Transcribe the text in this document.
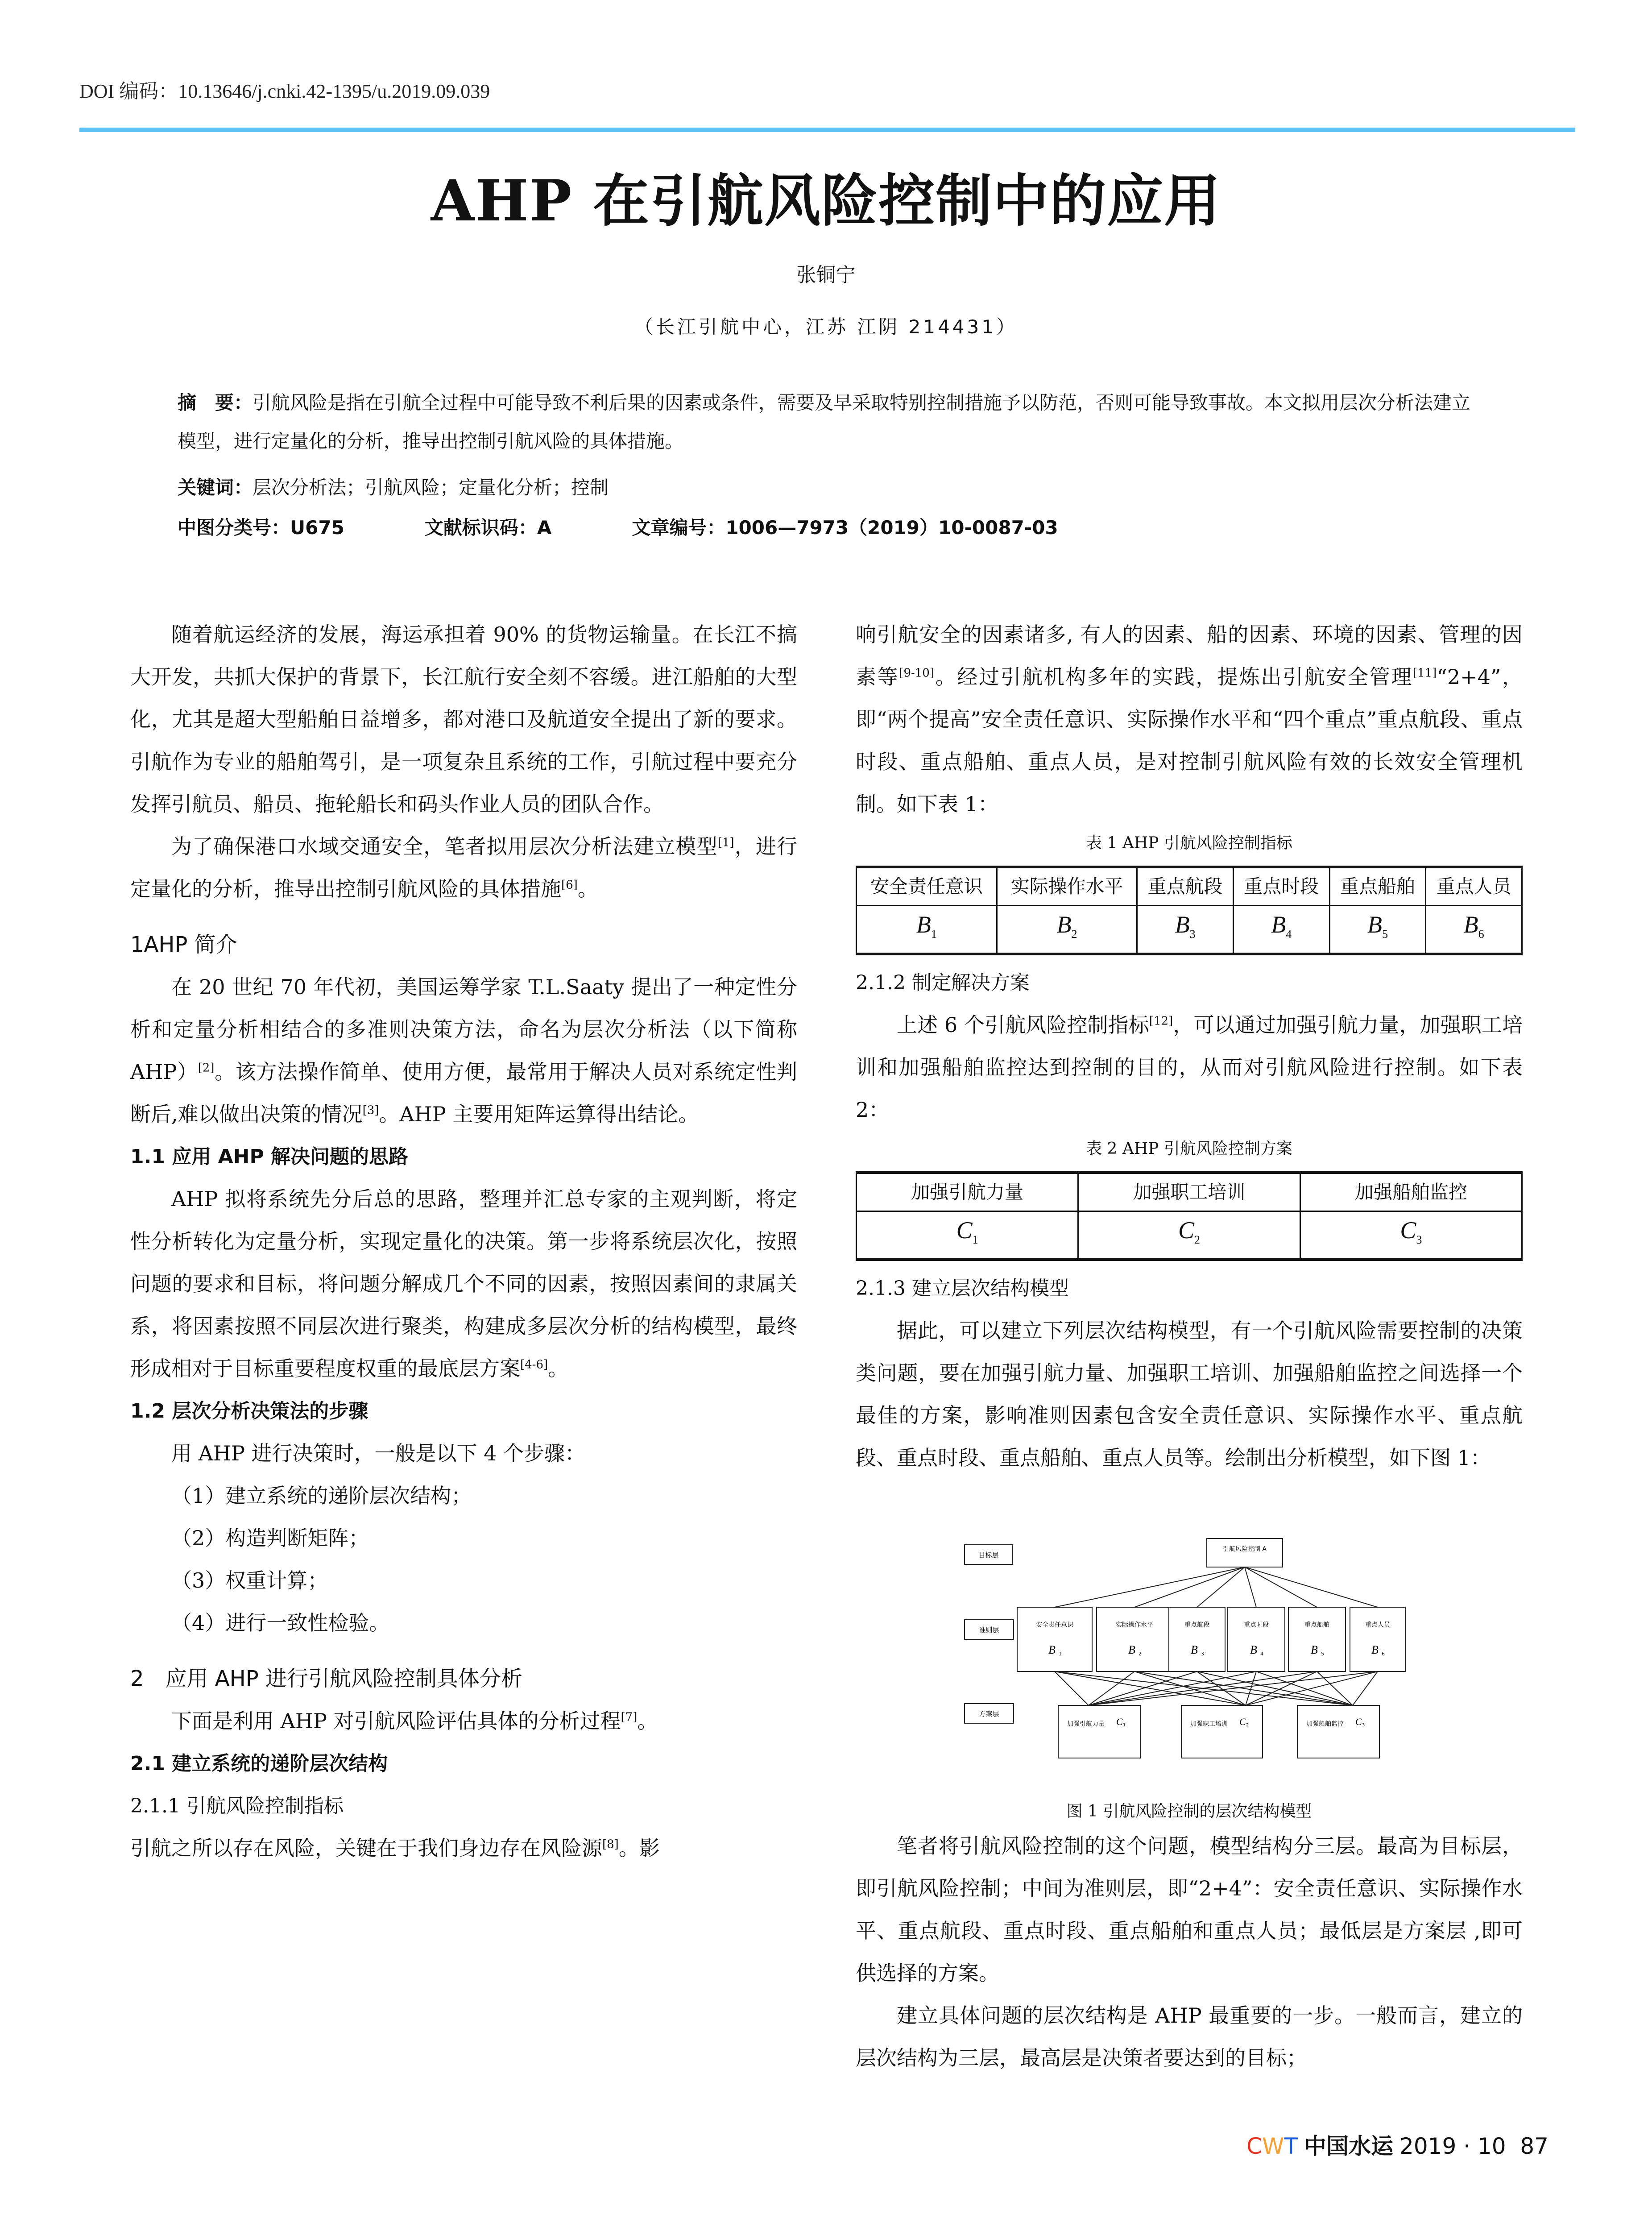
DOI 编码：10.13646/j.cnki.42-1395/u.2019.09.039
AHP 在引航风险控制中的应用
张铜宁
（长江引航中心，江苏 江阴 214431）
摘　要：引航风险是指在引航全过程中可能导致不利后果的因素或条件，需要及早采取特别控制措施予以防范，否则可能导致事故。本文拟用层次分析法建立模型，进行定量化的分析，推导出控制引航风险的具体措施。
关键词：层次分析法；引航风险；定量化分析；控制
中图分类号：U675	文献标识码：A	文章编号：1006—7973（2019）10-0087-03

随着航运经济的发展，海运承担着 90% 的货物运输量。在长江不搞大开发，共抓大保护的背景下，长江航行安全刻不容缓。进江船舶的大型化，尤其是超大型船舶日益增多，都对港口及航道安全提出了新的要求。引航作为专业的船舶驾引，是一项复杂且系统的工作，引航过程中要充分发挥引航员、船员、拖轮船长和码头作业人员的团队合作。

为了确保港口水域交通安全，笔者拟用层次分析法建立模型[1]，进行定量化的分析，推导出控制引航风险的具体措施[6]。

1AHP 简介

在 20 世纪 70 年代初，美国运筹学家 T.L.Saaty 提出了一种定性分析和定量分析相结合的多准则决策方法，命名为层次分析法（以下简称 AHP）[2]。该方法操作简单、使用方便，最常用于解决人员对系统定性判断后,难以做出决策的情况[3]。AHP 主要用矩阵运算得出结论。

1.1 应用 AHP 解决问题的思路

AHP 拟将系统先分后总的思路，整理并汇总专家的主观判断，将定性分析转化为定量分析，实现定量化的决策。第一步将系统层次化，按照问题的要求和目标，将问题分解成几个不同的因素，按照因素间的隶属关系，将因素按照不同层次进行聚类，构建成多层次分析的结构模型，最终形成相对于目标重要程度权重的最底层方案[4-6]。

1.2 层次分析决策法的步骤

用 AHP 进行决策时，一般是以下 4 个步骤：

（1）建立系统的递阶层次结构；

（2）构造判断矩阵；

（3）权重计算；

（4）进行一致性检验。

2　应用 AHP 进行引航风险控制具体分析

下面是利用 AHP 对引航风险评估具体的分析过程[7]。

2.1 建立系统的递阶层次结构

2.1.1 引航风险控制指标

引航之所以存在风险，关键在于我们身边存在风险源[8]。影

响引航安全的因素诸多, 有人的因素、船的因素、环境的因素、管理的因素等[9-10]。经过引航机构多年的实践，提炼出引航安全管理[11]“2+4”，即“两个提高”安全责任意识、实际操作水平和“四个重点”重点航段、重点时段、重点船舶、重点人员，是对控制引航风险有效的长效安全管理机制。如下表 1：

表 1 AHP 引航风险控制指标
安全责任意识	实际操作水平	重点航段	重点时段	重点船舶	重点人员
$B_1$	$B_2$	$B_3$	$B_4$	$B_5$	$B_6$

2.1.2 制定解决方案

上述 6 个引航风险控制指标[12]，可以通过加强引航力量，加强职工培训和加强船舶监控达到控制的目的，从而对引航风险进行控制。如下表 2：

表 2 AHP 引航风险控制方案
加强引航力量	加强职工培训	加强船舶监控
$C_1$	$C_2$	$C_3$

2.1.3 建立层次结构模型

据此，可以建立下列层次结构模型，有一个引航风险需要控制的决策类问题，要在加强引航力量、加强职工培训、加强船舶监控之间选择一个最佳的方案，影响准则因素包含安全责任意识、实际操作水平、重点航段、重点时段、重点船舶、重点人员等。绘制出分析模型，如下图 1：

目标层
准则层
方案层
引航风险控制 A
安全责任意识
B 1
实际操作水平
B 2
重点航段
B 3
重点时段
B 4
重点船舶
B 5
重点人员
B 6
加强引航力量 C 1	加强职工培训 C 2	加强船舶监控 C 3
图 1 引航风险控制的层次结构模型

笔者将引航风险控制的这个问题，模型结构分三层。最高为目标层，即引航风险控制；中间为准则层，即“2+4”：安全责任意识、实际操作水平、重点航段、重点时段、重点船舶和重点人员；最低层是方案层 ,即可供选择的方案。

建立具体问题的层次结构是 AHP 最重要的一步。一般而言，建立的层次结构为三层，最高层是决策者要达到的目标；

CWT 中国水运 2019 · 10 87
